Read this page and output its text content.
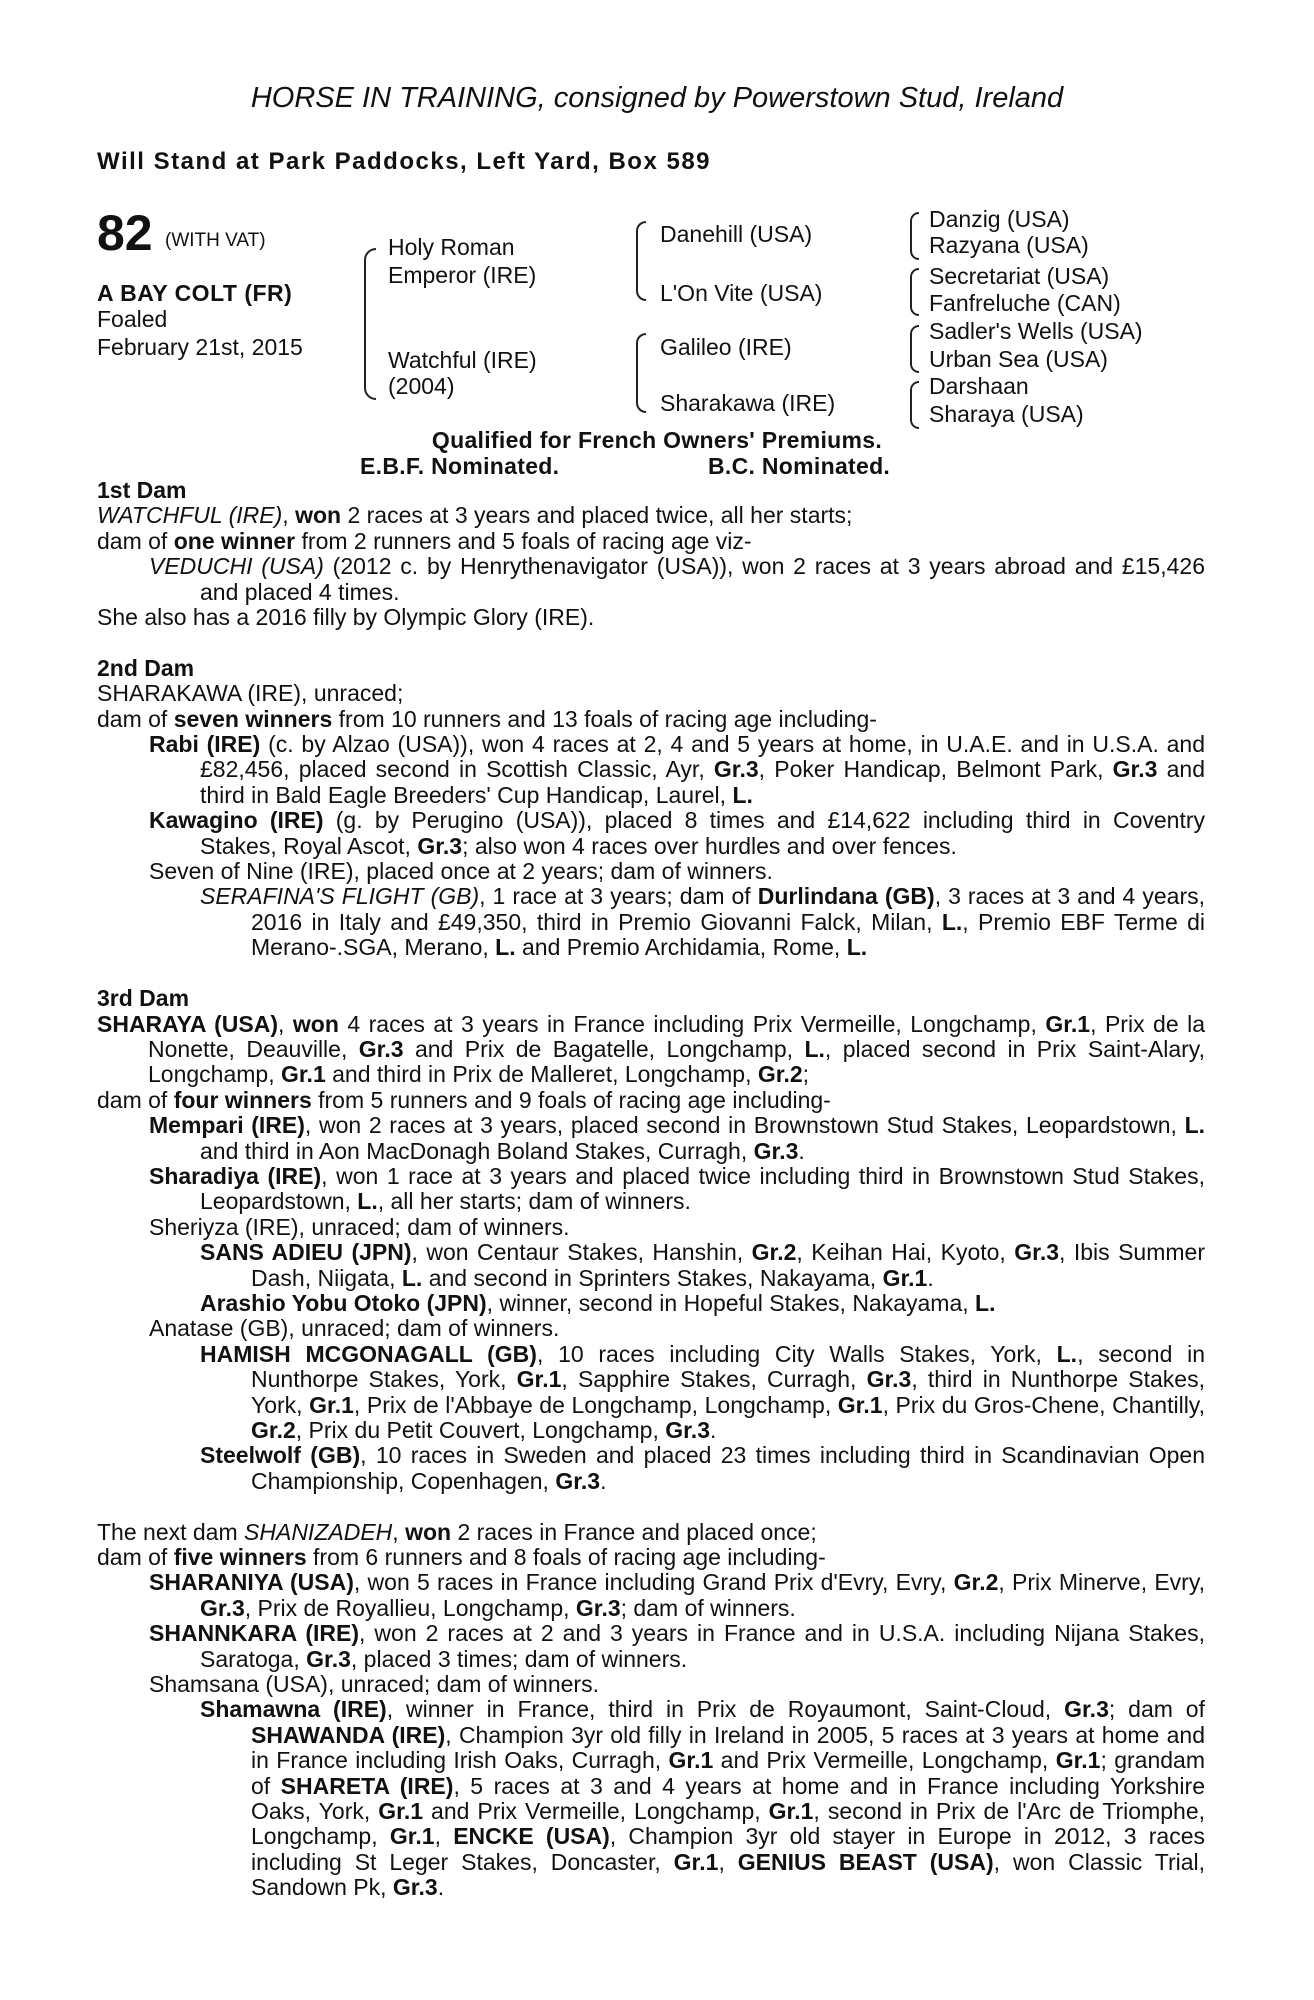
HORSE IN TRAINING, consigned by Powerstown Stud, Ireland
Will Stand at Park Paddocks, Left Yard, Box 589
82 (WITH VAT)
A BAY COLT (FR)
Foaled
February 21st, 2015
Holy Roman
Emperor (IRE)
Watchful (IRE)
(2004)
Danehill (USA)
L'On Vite (USA)
Galileo (IRE)
Sharakawa (IRE)
Danzig (USA)
Razyana (USA)
Secretariat (USA)
Fanfreluche (CAN)
Sadler's Wells (USA)
Urban Sea (USA)
Darshaan
Sharaya (USA)
Qualified for French Owners' Premiums.
E.B.F. Nominated.	B.C. Nominated.

1st Dam

WATCHFUL (IRE), won 2 races at 3 years and placed twice, all her starts;

dam of one winner from 2 runners and 5 foals of racing age viz-

VEDUCHI (USA) (2012 c. by Henrythenavigator (USA)), won 2 races at 3 years abroad and £15,426 and placed 4 times.

She also has a 2016 filly by Olympic Glory (IRE).

2nd Dam

SHARAKAWA (IRE), unraced;

dam of seven winners from 10 runners and 13 foals of racing age including-

Rabi (IRE) (c. by Alzao (USA)), won 4 races at 2, 4 and 5 years at home, in U.A.E. and in U.S.A. and £82,456, placed second in Scottish Classic, Ayr, Gr.3, Poker Handicap, Belmont Park, Gr.3 and third in Bald Eagle Breeders' Cup Handicap, Laurel, L.

Kawagino (IRE) (g. by Perugino (USA)), placed 8 times and £14,622 including third in Coventry Stakes, Royal Ascot, Gr.3; also won 4 races over hurdles and over fences.

Seven of Nine (IRE), placed once at 2 years; dam of winners.

SERAFINA'S FLIGHT (GB), 1 race at 3 years; dam of Durlindana (GB), 3 races at 3 and 4 years, 2016 in Italy and £49,350, third in Premio Giovanni Falck, Milan, L., Premio EBF Terme di Merano-.SGA, Merano, L. and Premio Archidamia, Rome, L.

3rd Dam

SHARAYA (USA), won 4 races at 3 years in France including Prix Vermeille, Longchamp, Gr.1, Prix de la Nonette, Deauville, Gr.3 and Prix de Bagatelle, Longchamp, L., placed second in Prix Saint-Alary, Longchamp, Gr.1 and third in Prix de Malleret, Longchamp, Gr.2;

dam of four winners from 5 runners and 9 foals of racing age including-

Mempari (IRE), won 2 races at 3 years, placed second in Brownstown Stud Stakes, Leopardstown, L. and third in Aon MacDonagh Boland Stakes, Curragh, Gr.3.

Sharadiya (IRE), won 1 race at 3 years and placed twice including third in Brownstown Stud Stakes, Leopardstown, L., all her starts; dam of winners.

Sheriyza (IRE), unraced; dam of winners.

SANS ADIEU (JPN), won Centaur Stakes, Hanshin, Gr.2, Keihan Hai, Kyoto, Gr.3, Ibis Summer Dash, Niigata, L. and second in Sprinters Stakes, Nakayama, Gr.1.

Arashio Yobu Otoko (JPN), winner, second in Hopeful Stakes, Nakayama, L.

Anatase (GB), unraced; dam of winners.

HAMISH MCGONAGALL (GB), 10 races including City Walls Stakes, York, L., second in Nunthorpe Stakes, York, Gr.1, Sapphire Stakes, Curragh, Gr.3, third in Nunthorpe Stakes, York, Gr.1, Prix de l'Abbaye de Longchamp, Longchamp, Gr.1, Prix du Gros-Chene, Chantilly, Gr.2, Prix du Petit Couvert, Longchamp, Gr.3.

Steelwolf (GB), 10 races in Sweden and placed 23 times including third in Scandinavian Open Championship, Copenhagen, Gr.3.

The next dam SHANIZADEH, won 2 races in France and placed once;

dam of five winners from 6 runners and 8 foals of racing age including-

SHARANIYA (USA), won 5 races in France including Grand Prix d'Evry, Evry, Gr.2, Prix Minerve, Evry, Gr.3, Prix de Royallieu, Longchamp, Gr.3; dam of winners.

SHANNKARA (IRE), won 2 races at 2 and 3 years in France and in U.S.A. including Nijana Stakes, Saratoga, Gr.3, placed 3 times; dam of winners.

Shamsana (USA), unraced; dam of winners.

Shamawna (IRE), winner in France, third in Prix de Royaumont, Saint-Cloud, Gr.3; dam of SHAWANDA (IRE), Champion 3yr old filly in Ireland in 2005, 5 races at 3 years at home and in France including Irish Oaks, Curragh, Gr.1 and Prix Vermeille, Longchamp, Gr.1; grandam of SHARETA (IRE), 5 races at 3 and 4 years at home and in France including Yorkshire Oaks, York, Gr.1 and Prix Vermeille, Longchamp, Gr.1, second in Prix de l'Arc de Triomphe, Longchamp, Gr.1, ENCKE (USA), Champion 3yr old stayer in Europe in 2012, 3 races including St Leger Stakes, Doncaster, Gr.1, GENIUS BEAST (USA), won Classic Trial, Sandown Pk, Gr.3.
